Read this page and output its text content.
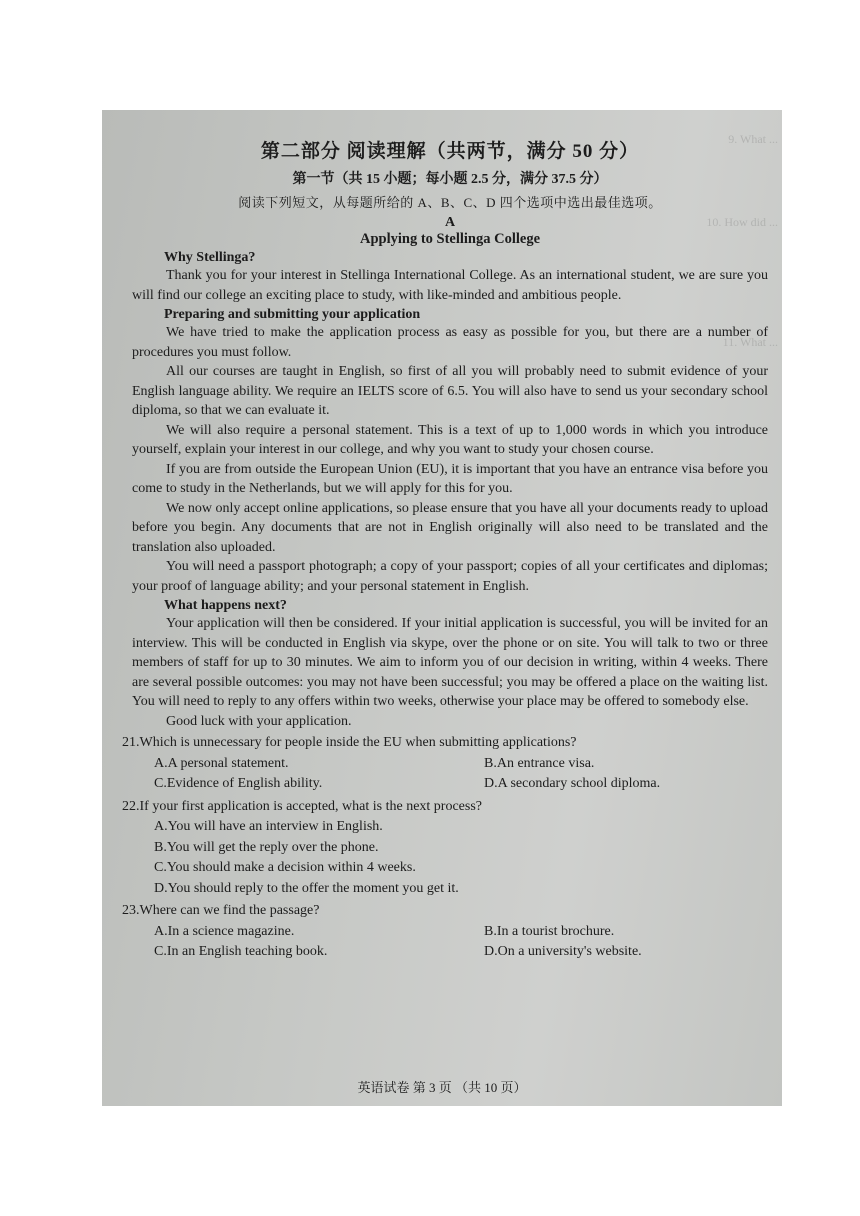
9. What ...
10. How did ...
11. What ...
第二部分 阅读理解（共两节，满分 50 分）
第一节（共 15 小题；每小题 2.5 分，满分 37.5 分）
阅读下列短文，从每题所给的 A、B、C、D 四个选项中选出最佳选项。
A
Applying to Stellinga College
Why Stellinga?

Thank you for your interest in Stellinga International College. As an international student, we are sure you will find our college an exciting place to study, with like-minded and ambitious people.

Preparing and submitting your application

We have tried to make the application process as easy as possible for you, but there are a number of procedures you must follow.

All our courses are taught in English, so first of all you will probably need to submit evidence of your English language ability. We require an IELTS score of 6.5. You will also have to send us your secondary school diploma, so that we can evaluate it.

We will also require a personal statement. This is a text of up to 1,000 words in which you introduce yourself, explain your interest in our college, and why you want to study your chosen course.

If you are from outside the European Union (EU), it is important that you have an entrance visa before you come to study in the Netherlands, but we will apply for this for you.

We now only accept online applications, so please ensure that you have all your documents ready to upload before you begin. Any documents that are not in English originally will also need to be translated and the translation also uploaded.

You will need a passport photograph; a copy of your passport; copies of all your certificates and diplomas; your proof of language ability; and your personal statement in English.

What happens next?

Your application will then be considered. If your initial application is successful, you will be invited for an interview. This will be conducted in English via skype, over the phone or on site. You will talk to two or three members of staff for up to 30 minutes. We aim to inform you of our decision in writing, within 4 weeks. There are several possible outcomes: you may not have been successful; you may be offered a place on the waiting list. You will need to reply to any offers within two weeks, otherwise your place may be offered to somebody else.

Good luck with your application.

21.Which is unnecessary for people inside the EU when submitting applications?
A.A personal statement.	B.An entrance visa.
C.Evidence of English ability.	D.A secondary school diploma.
22.If your first application is accepted, what is the next process?
A.You will have an interview in English.
B.You will get the reply over the phone.
C.You should make a decision within 4 weeks.
D.You should reply to the offer the moment you get it.
23.Where can we find the passage?
A.In a science magazine.	B.In a tourist brochure.
C.In an English teaching book.	D.On a university's website.
英语试卷 第 3 页 （共 10 页）
